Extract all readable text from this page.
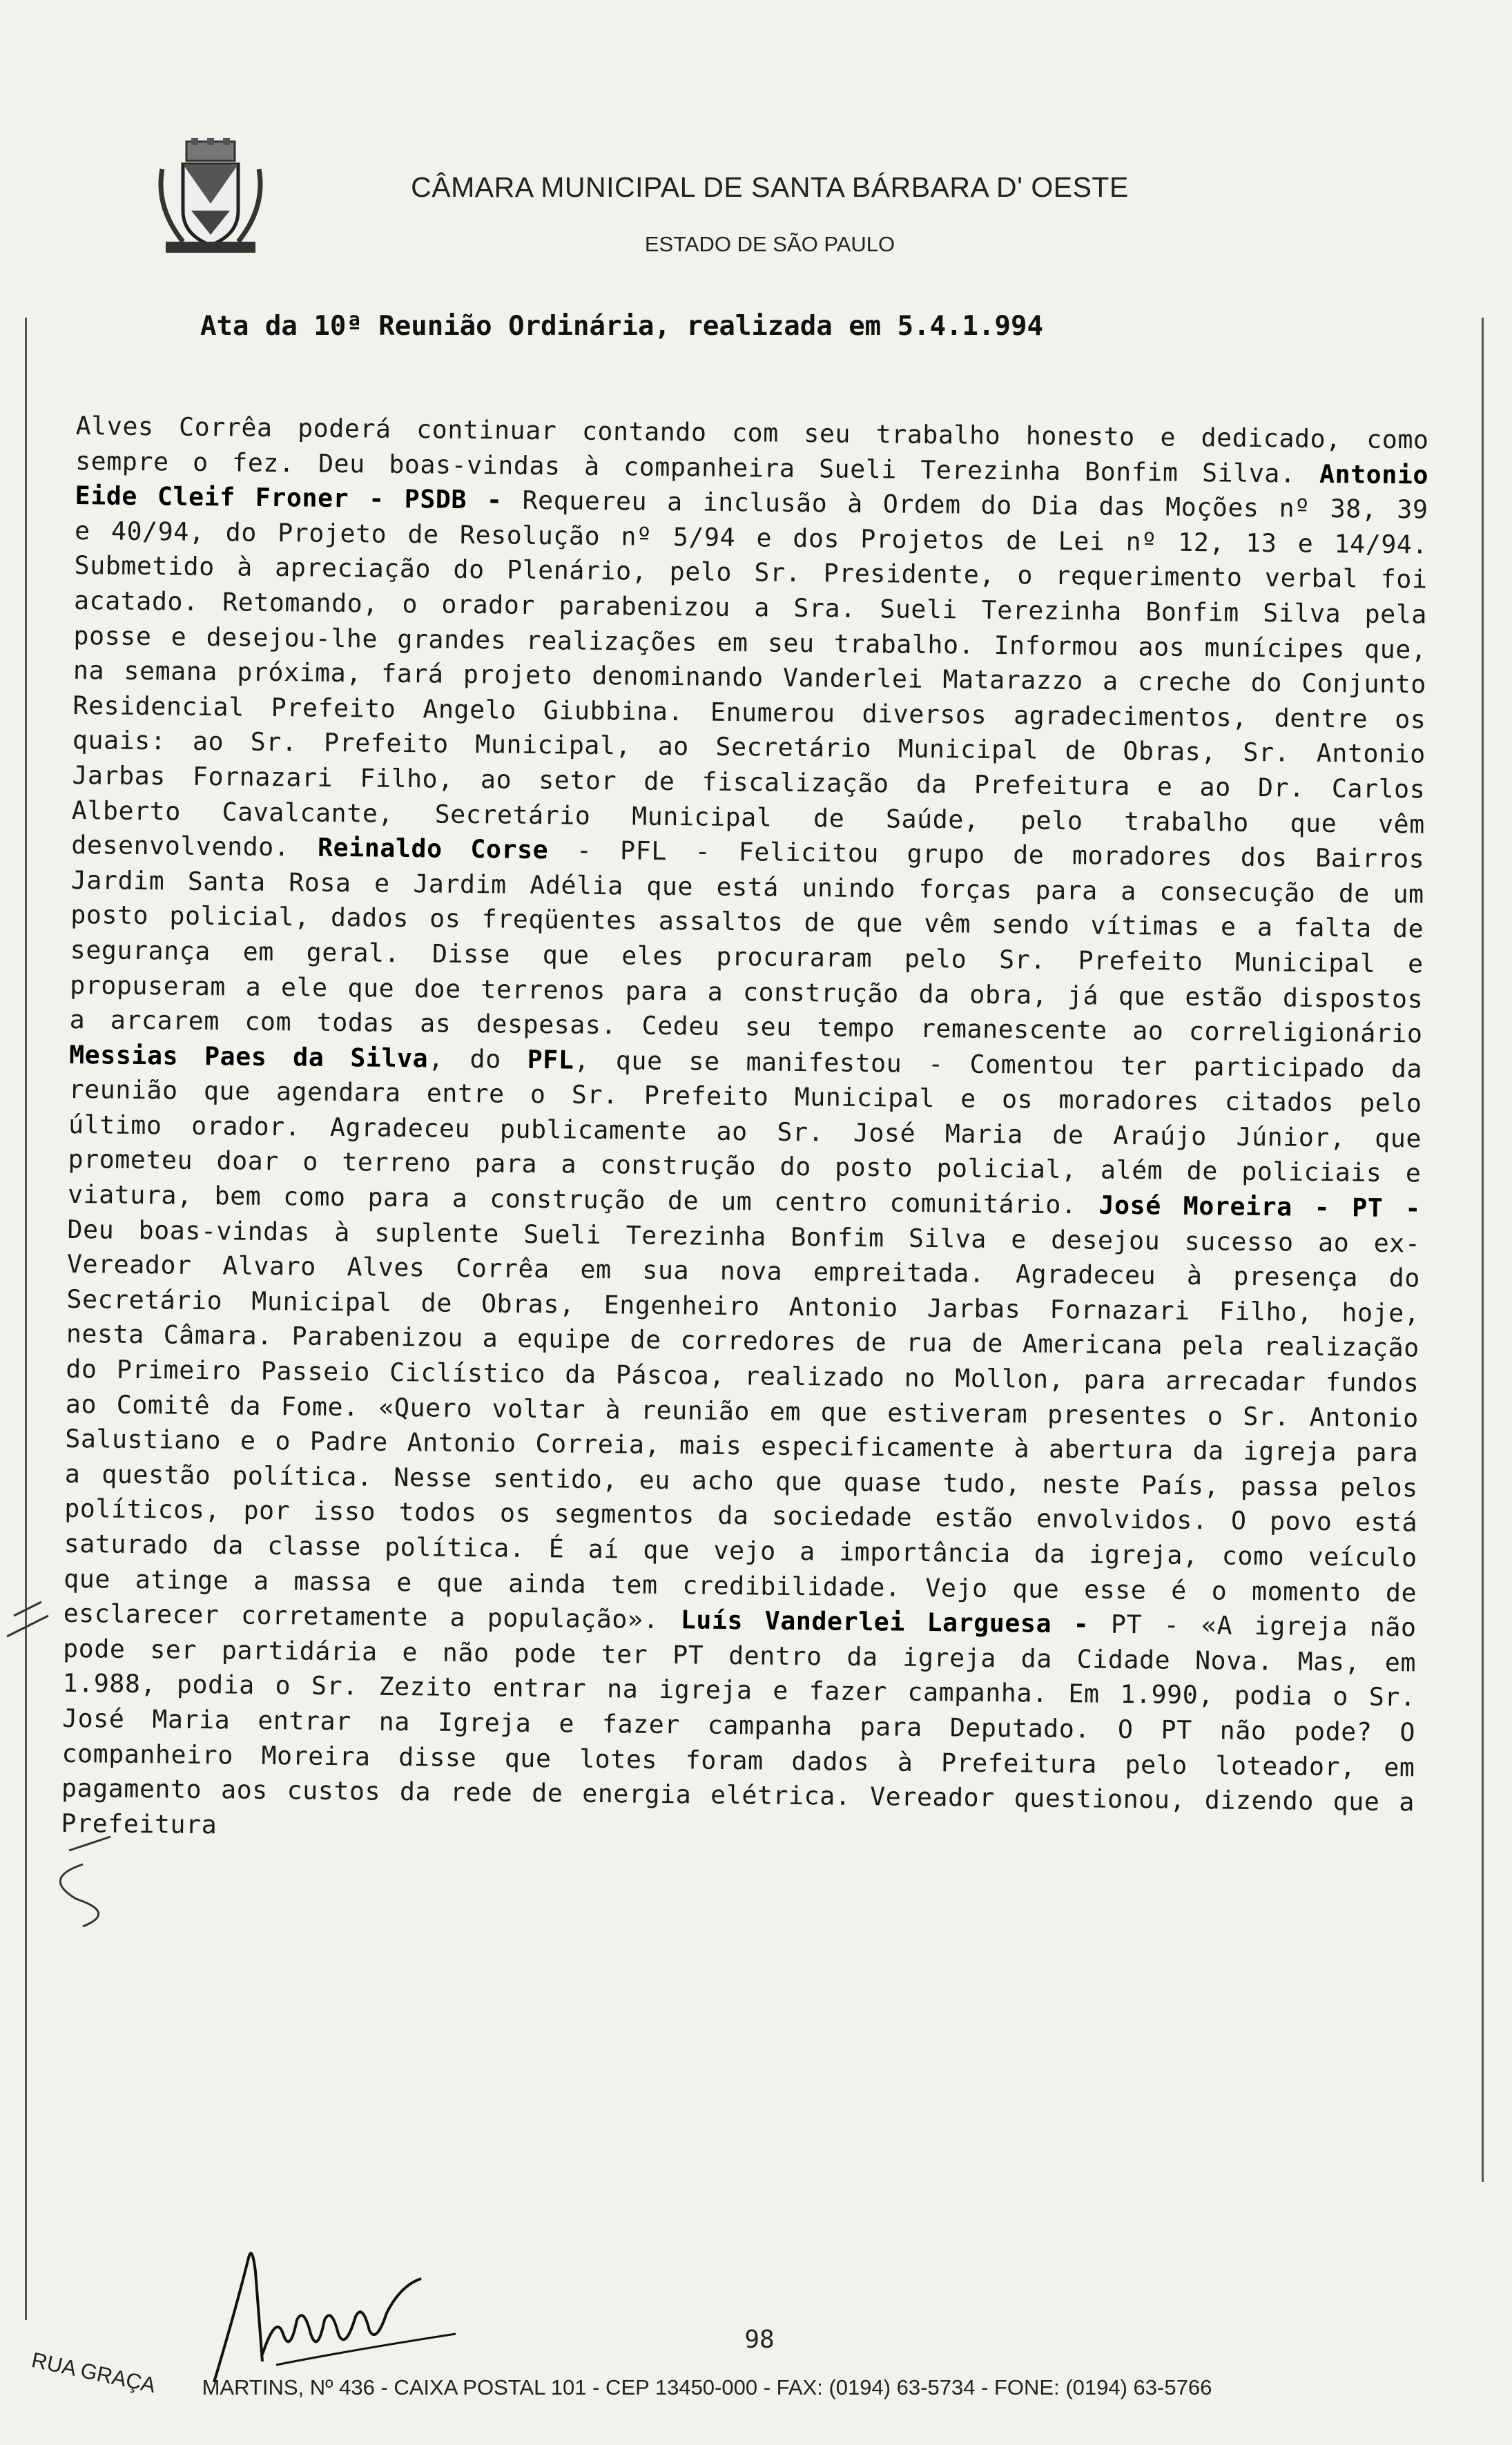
CÂMARA MUNICIPAL DE SANTA BÁRBARA D' OESTE
ESTADO DE SÃO PAULO
Ata da 10ª Reunião Ordinária, realizada em 5.4.1.994
Alves Corrêa poderá continuar contando com seu trabalho honesto e dedicado, como sempre o fez. Deu boas-vindas à companheira Sueli Terezinha Bonfim Silva. Antonio Eide Cleif Froner - PSDB - Requereu a inclusão à Ordem do Dia das Moções nº 38, 39 e 40/94, do Projeto de Resolução nº 5/94 e dos Projetos de Lei nº 12, 13 e 14/94. Submetido à apreciação do Plenário, pelo Sr. Presidente, o requerimento verbal foi acatado. Retomando, o orador parabenizou a Sra. Sueli Terezinha Bonfim Silva pela posse e desejou-lhe grandes realizações em seu trabalho. Informou aos munícipes que, na semana próxima, fará projeto denominando Vanderlei Matarazzo a creche do Conjunto Residencial Prefeito Angelo Giubbina. Enumerou diversos agradecimentos, dentre os quais: ao Sr. Prefeito Municipal, ao Secretário Municipal de Obras, Sr. Antonio Jarbas Fornazari Filho, ao setor de fiscalização da Prefeitura e ao Dr. Carlos Alberto Cavalcante, Secretário Municipal de Saúde, pelo trabalho que vêm desenvolvendo. Reinaldo Corse - PFL - Felicitou grupo de moradores dos Bairros Jardim Santa Rosa e Jardim Adélia que está unindo forças para a consecução de um posto policial, dados os freqüentes assaltos de que vêm sendo vítimas e a falta de segurança em geral. Disse que eles procuraram pelo Sr. Prefeito Municipal e propuseram a ele que doe terrenos para a construção da obra, já que estão dispostos a arcarem com todas as despesas. Cedeu seu tempo remanescente ao correligionário Messias Paes da Silva, do PFL, que se manifestou - Comentou ter participado da reunião que agendara entre o Sr. Prefeito Municipal e os moradores citados pelo último orador. Agradeceu publicamente ao Sr. José Maria de Araújo Júnior, que prometeu doar o terreno para a construção do posto policial, além de policiais e viatura, bem como para a construção de um centro comunitário. José Moreira - PT - Deu boas-vindas à suplente Sueli Terezinha Bonfim Silva e desejou sucesso ao ex-Vereador Alvaro Alves Corrêa em sua nova empreitada. Agradeceu à presença do Secretário Municipal de Obras, Engenheiro Antonio Jarbas Fornazari Filho, hoje, nesta Câmara. Parabenizou a equipe de corredores de rua de Americana pela realização do Primeiro Passeio Ciclístico da Páscoa, realizado no Mollon, para arrecadar fundos ao Comitê da Fome. «Quero voltar à reunião em que estiveram presentes o Sr. Antonio Salustiano e o Padre Antonio Correia, mais especificamente à abertura da igreja para a questão política. Nesse sentido, eu acho que quase tudo, neste País, passa pelos políticos, por isso todos os segmentos da sociedade estão envolvidos. O povo está saturado da classe política. É aí que vejo a importância da igreja, como veículo que atinge a massa e que ainda tem credibilidade. Vejo que esse é o momento de esclarecer corretamente a população». Luís Vanderlei Larguesa - PT - «A igreja não pode ser partidária e não pode ter PT dentro da igreja da Cidade Nova. Mas, em 1.988, podia o Sr. Zezito entrar na igreja e fazer campanha. Em 1.990, podia o Sr. José Maria entrar na Igreja e fazer campanha para Deputado. O PT não pode? O companheiro Moreira disse que lotes foram dados à Prefeitura pelo loteador, em pagamento aos custos da rede de energia elétrica. Vereador questionou, dizendo que a Prefeitura
98
RUA GRAÇA MARTINS, Nº 436 - CAIXA POSTAL 101 - CEP 13450-000 - FAX: (0194) 63-5734 - FONE: (0194) 63-5766
